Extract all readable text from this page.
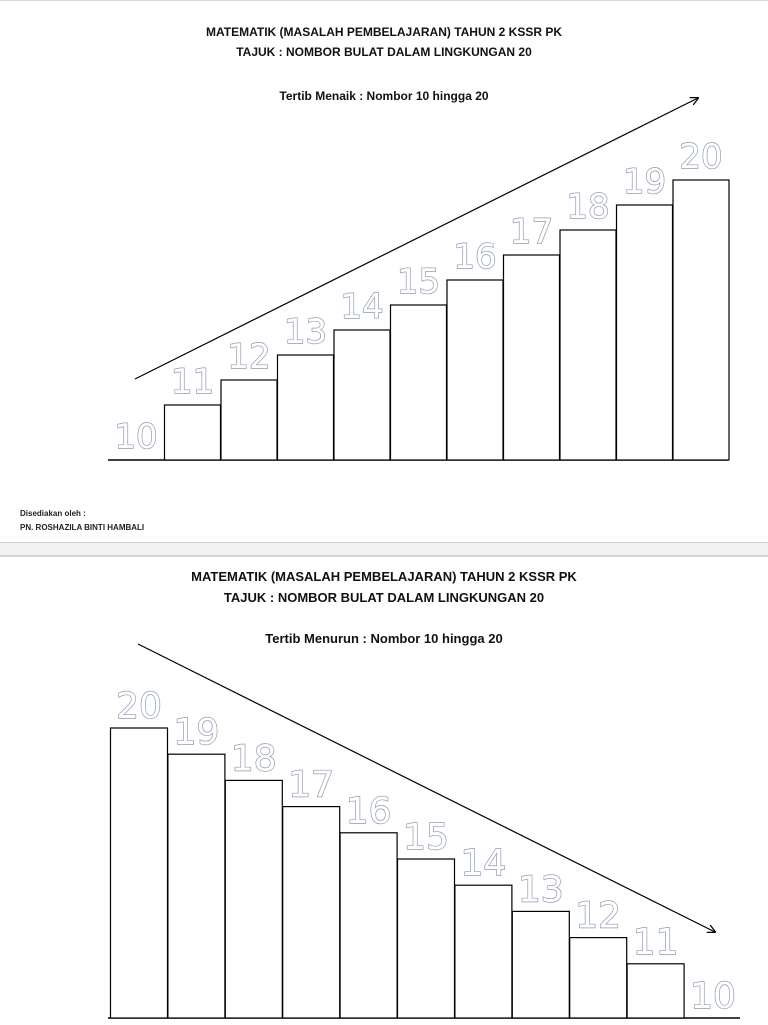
MATEMATIK (MASALAH PEMBELAJARAN) TAHUN 2 KSSR PK
TAJUK : NOMBOR BULAT DALAM LINGKUNGAN 20
Tertib Menaik : Nombor 10 hingga 20
Disediakan oleh :
PN. ROSHAZILA BINTI HAMBALI
10
11
12
13
14
15
16
17
18
19
20
MATEMATIK (MASALAH PEMBELAJARAN) TAHUN 2 KSSR PK
TAJUK : NOMBOR BULAT DALAM LINGKUNGAN 20
Tertib Menurun : Nombor 10 hingga 20
20
19
18
17
16
15
14
13
12
11
10
